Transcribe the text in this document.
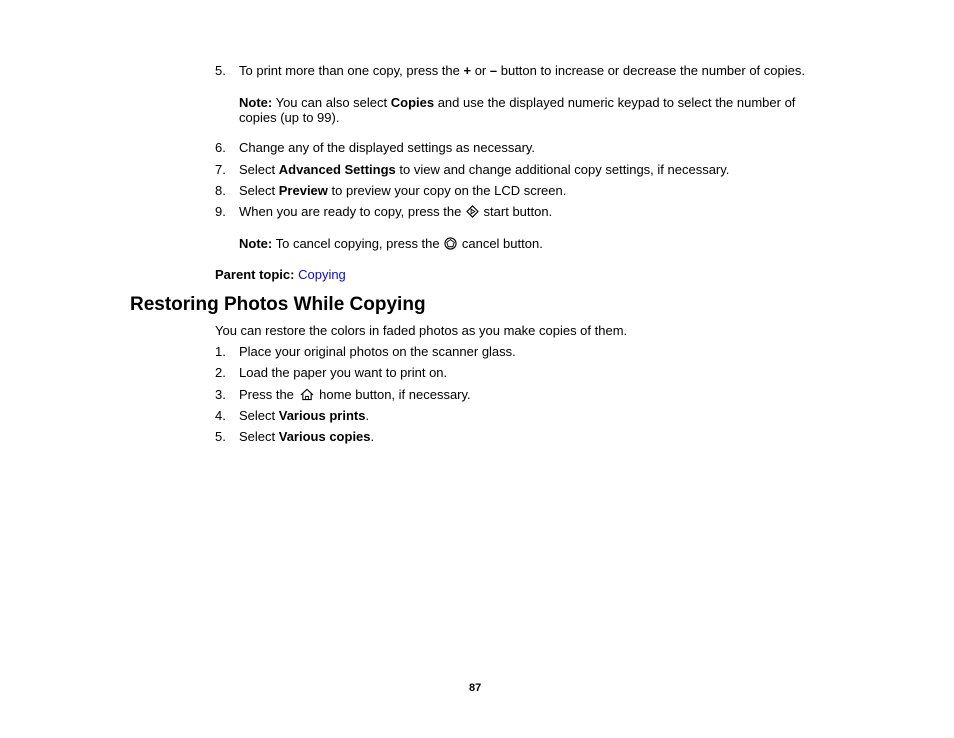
5. To print more than one copy, press the + or – button to increase or decrease the number of copies.
Note: You can also select Copies and use the displayed numeric keypad to select the number of copies (up to 99).
6. Change any of the displayed settings as necessary.
7. Select Advanced Settings to view and change additional copy settings, if necessary.
8. Select Preview to preview your copy on the LCD screen.
9. When you are ready to copy, press the  start button.
Note: To cancel copying, press the  cancel button.
Parent topic: Copying
Restoring Photos While Copying
You can restore the colors in faded photos as you make copies of them.
1. Place your original photos on the scanner glass.
2. Load the paper you want to print on.
3. Press the  home button, if necessary.
4. Select Various prints.
5. Select Various copies.
87
